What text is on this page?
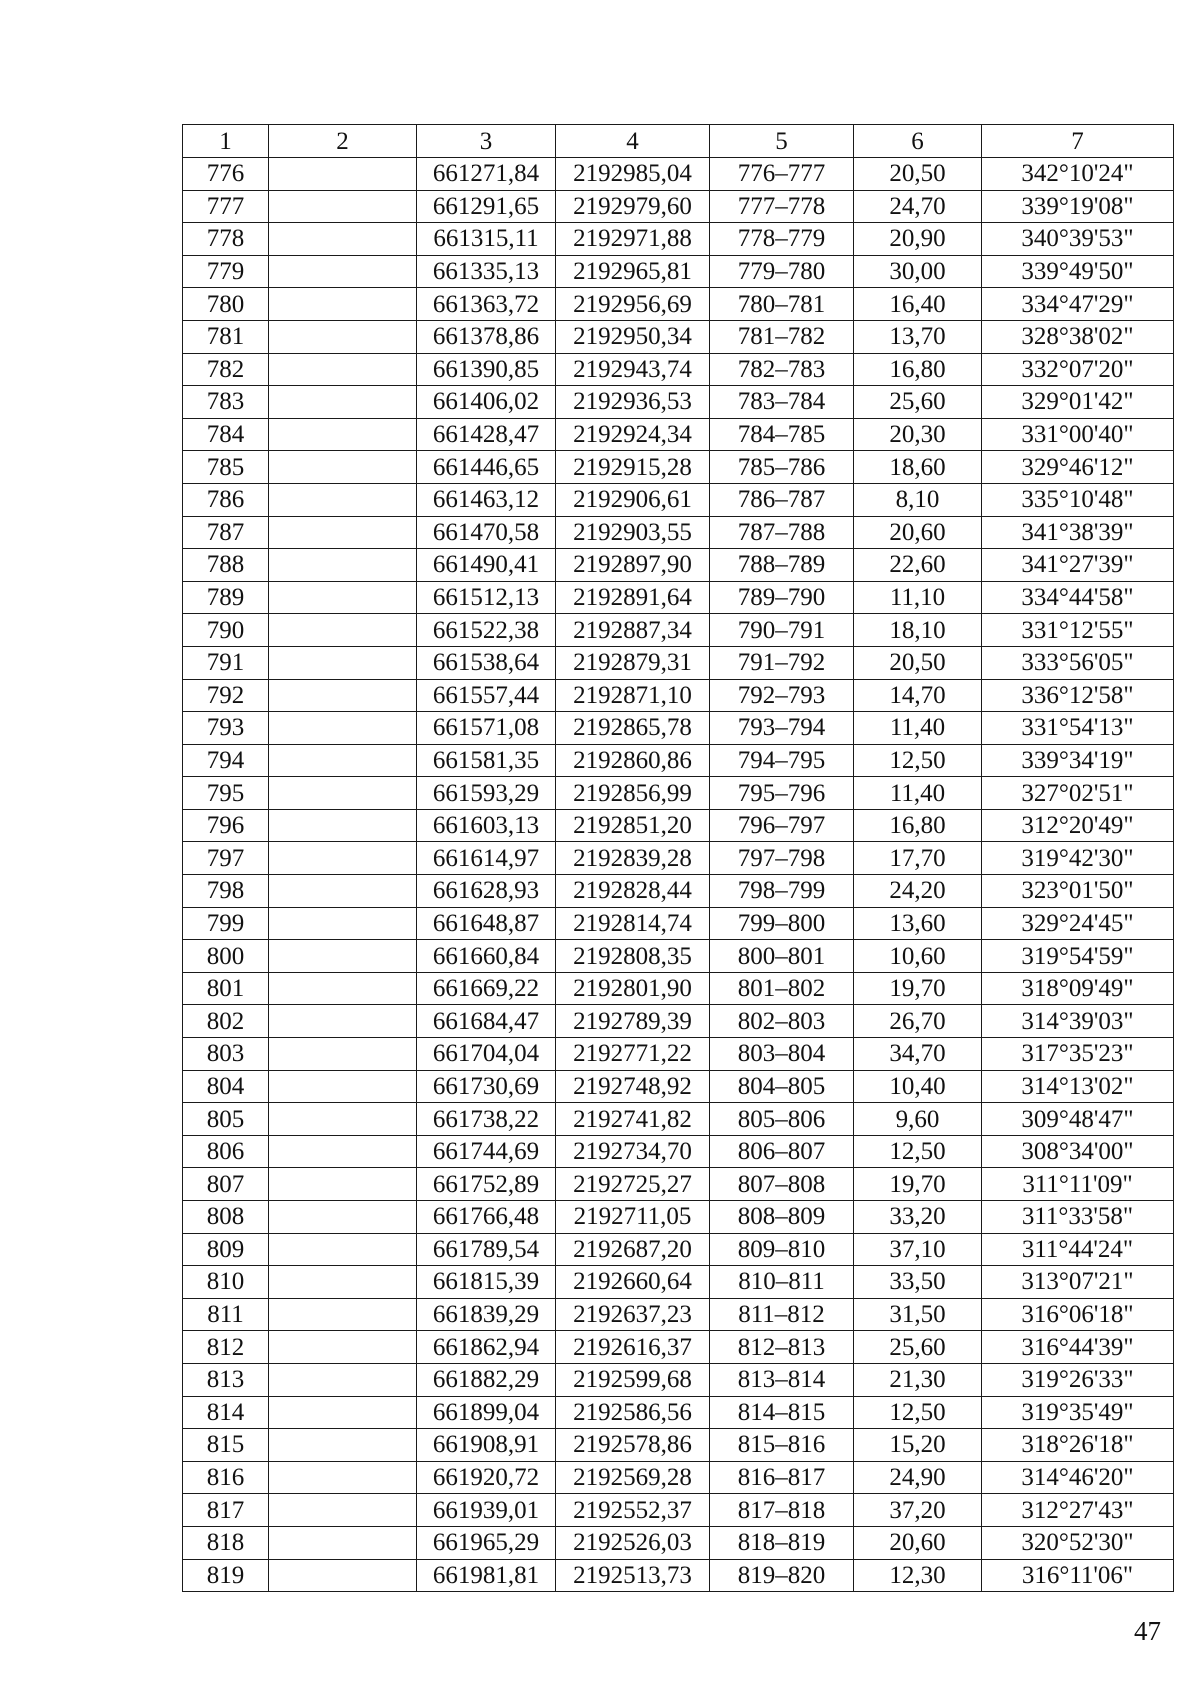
1	2	3	4	5	6	7
776		661271,84	2192985,04	776–777	20,50	342°10'24"
777		661291,65	2192979,60	777–778	24,70	339°19'08"
778		661315,11	2192971,88	778–779	20,90	340°39'53"
779		661335,13	2192965,81	779–780	30,00	339°49'50"
780		661363,72	2192956,69	780–781	16,40	334°47'29"
781		661378,86	2192950,34	781–782	13,70	328°38'02"
782		661390,85	2192943,74	782–783	16,80	332°07'20"
783		661406,02	2192936,53	783–784	25,60	329°01'42"
784		661428,47	2192924,34	784–785	20,30	331°00'40"
785		661446,65	2192915,28	785–786	18,60	329°46'12"
786		661463,12	2192906,61	786–787	8,10	335°10'48"
787		661470,58	2192903,55	787–788	20,60	341°38'39"
788		661490,41	2192897,90	788–789	22,60	341°27'39"
789		661512,13	2192891,64	789–790	11,10	334°44'58"
790		661522,38	2192887,34	790–791	18,10	331°12'55"
791		661538,64	2192879,31	791–792	20,50	333°56'05"
792		661557,44	2192871,10	792–793	14,70	336°12'58"
793		661571,08	2192865,78	793–794	11,40	331°54'13"
794		661581,35	2192860,86	794–795	12,50	339°34'19"
795		661593,29	2192856,99	795–796	11,40	327°02'51"
796		661603,13	2192851,20	796–797	16,80	312°20'49"
797		661614,97	2192839,28	797–798	17,70	319°42'30"
798		661628,93	2192828,44	798–799	24,20	323°01'50"
799		661648,87	2192814,74	799–800	13,60	329°24'45"
800		661660,84	2192808,35	800–801	10,60	319°54'59"
801		661669,22	2192801,90	801–802	19,70	318°09'49"
802		661684,47	2192789,39	802–803	26,70	314°39'03"
803		661704,04	2192771,22	803–804	34,70	317°35'23"
804		661730,69	2192748,92	804–805	10,40	314°13'02"
805		661738,22	2192741,82	805–806	9,60	309°48'47"
806		661744,69	2192734,70	806–807	12,50	308°34'00"
807		661752,89	2192725,27	807–808	19,70	311°11'09"
808		661766,48	2192711,05	808–809	33,20	311°33'58"
809		661789,54	2192687,20	809–810	37,10	311°44'24"
810		661815,39	2192660,64	810–811	33,50	313°07'21"
811		661839,29	2192637,23	811–812	31,50	316°06'18"
812		661862,94	2192616,37	812–813	25,60	316°44'39"
813		661882,29	2192599,68	813–814	21,30	319°26'33"
814		661899,04	2192586,56	814–815	12,50	319°35'49"
815		661908,91	2192578,86	815–816	15,20	318°26'18"
816		661920,72	2192569,28	816–817	24,90	314°46'20"
817		661939,01	2192552,37	817–818	37,20	312°27'43"
818		661965,29	2192526,03	818–819	20,60	320°52'30"
819		661981,81	2192513,73	819–820	12,30	316°11'06"
47
